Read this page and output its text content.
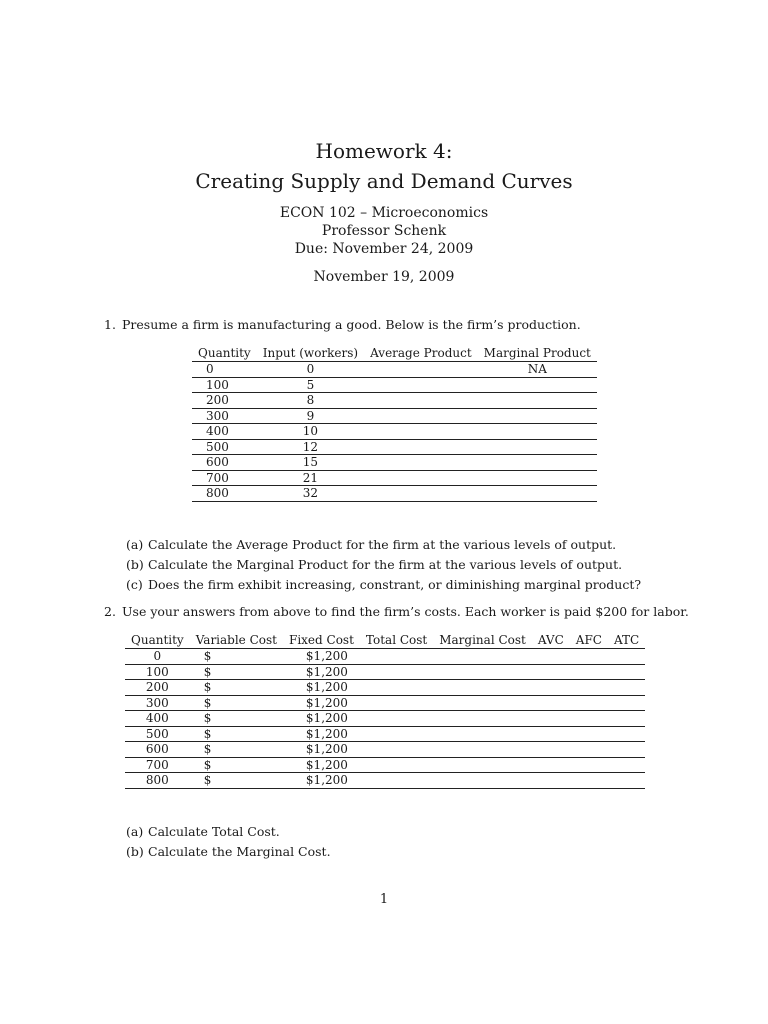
Homework 4:
Creating Supply and Demand Curves
ECON 102 – Microeconomics
Professor Schenk
Due: November 24, 2009
November 19, 2009
1. Presume a firm is manufacturing a good. Below is the firm’s production.
Quantity	Input (workers)	Average Product	Marginal Product
0	0		NA
100	5		
200	8		
300	9		
400	10		
500	12		
600	15		
700	21		
800	32		
(a) Calculate the Average Product for the firm at the various levels of output.
(b) Calculate the Marginal Product for the firm at the various levels of output.
(c) Does the firm exhibit increasing, constrant, or diminishing marginal product?
2. Use your answers from above to find the firm’s costs. Each worker is paid $200 for labor.
Quantity	Variable Cost	Fixed Cost	Total Cost	Marginal Cost	AVC	AFC	ATC
0	$	$1,200					
100	$	$1,200					
200	$	$1,200					
300	$	$1,200					
400	$	$1,200					
500	$	$1,200					
600	$	$1,200					
700	$	$1,200					
800	$	$1,200					
(a) Calculate Total Cost.
(b) Calculate the Marginal Cost.
1
